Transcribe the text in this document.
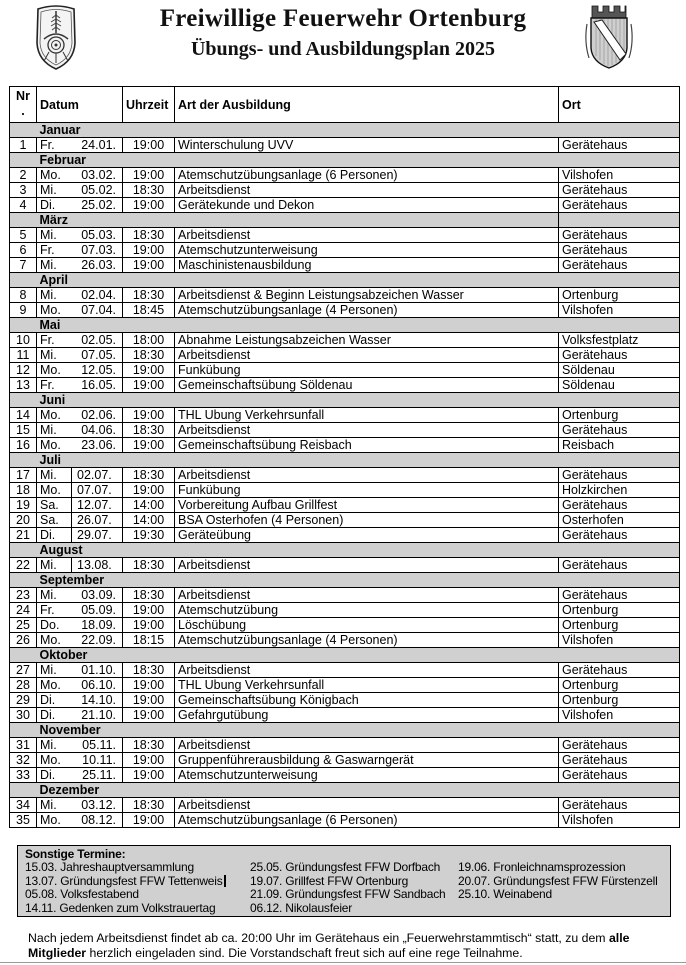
Freiwillige Feuerwehr Ortenburg
Übungs- und Ausbildungsplan 2025
Nr
.	Datum		Uhrzeit	Art der Ausbildung	Ort
	Januar				
1	Fr.	24.01.	19:00	Winterschulung UVV	Gerätehaus
	Februar				
2	Mo.	03.02.	19:00	Atemschutzübungsanlage (6 Personen)	Vilshofen
3	Mi.	05.02.	18:30	Arbeitsdienst	Gerätehaus
4	Di.	25.02.	19:00	Gerätekunde und Dekon	Gerätehaus
	März				
5	Mi.	05.03.	18:30	Arbeitsdienst	Gerätehaus
6	Fr.	07.03.	19:00	Atemschutzunterweisung	Gerätehaus
7	Mi.	26.03.	19:00	Maschinistenausbildung	Gerätehaus
	April				
8	Mi.	02.04.	18:30	Arbeitsdienst & Beginn Leistungsabzeichen Wasser	Ortenburg
9	Mo.	07.04.	18:45	Atemschutzübungsanlage (4 Personen)	Vilshofen
	Mai				
10	Fr.	02.05.	18:00	Abnahme Leistungsabzeichen Wasser	Volksfestplatz
11	Mi.	07.05.	18:30	Arbeitsdienst	Gerätehaus
12	Mo.	12.05.	19:00	Funkübung	Söldenau
13	Fr.	16.05.	19:00	Gemeinschaftsübung Söldenau	Söldenau
	Juni				
14	Mo.	02.06.	19:00	THL Ubung Verkehrsunfall	Ortenburg
15	Mi.	04.06.	18:30	Arbeitsdienst	Gerätehaus
16	Mo.	23.06.	19:00	Gemeinschaftsübung Reisbach	Reisbach
	Juli				
17	Mi.	02.07.	18:30	Arbeitsdienst	Gerätehaus
18	Mo.	07.07.	19:00	Funkübung	Holzkirchen
19	Sa.	12.07.	14:00	Vorbereitung Aufbau Grillfest	Gerätehaus
20	Sa.	26.07.	14:00	BSA Osterhofen (4 Personen)	Osterhofen
21	Di.	29.07.	19:30	Geräteübung	Gerätehaus
	August				
22	Mi.	13.08.	18:30	Arbeitsdienst	Gerätehaus
	September				
23	Mi.	03.09.	18:30	Arbeitsdienst	Gerätehaus
24	Fr.	05.09.	19:00	Atemschutzübung	Ortenburg
25	Do.	18.09.	19:00	Löschübung	Ortenburg
26	Mo.	22.09.	18:15	Atemschutzübungsanlage (4 Personen)	Vilshofen
	Oktober				
27	Mi.	01.10.	18:30	Arbeitsdienst	Gerätehaus
28	Mo.	06.10.	19:00	THL Ubung Verkehrsunfall	Ortenburg
29	Di.	14.10.	19:00	Gemeinschaftsübung Königbach	Ortenburg
30	Di.	21.10.	19:00	Gefahrgutübung	Vilshofen
	November				
31	Mi.	05.11.	18:30	Arbeitsdienst	Gerätehaus
32	Mo.	10.11.	19:00	Gruppenführerausbildung & Gaswarngerät	Gerätehaus
33	Di.	25.11.	19:00	Atemschutzunterweisung	Gerätehaus
	Dezember				
34	Mi.	03.12.	18:30	Arbeitsdienst	Gerätehaus
35	Mo.	08.12.	19:00	Atemschutzübungsanlage (6 Personen)	Vilshofen
Sonstige Termine:
15.03. Jahreshauptversammlung
13.07. Gründungsfest FFW Tettenweis
05.08. Volksfestabend
14.11. Gedenken zum Volkstrauertag
25.05. Gründungsfest FFW Dorfbach
19.07. Grillfest FFW Ortenburg
21.09. Gründungsfest FFW Sandbach
06.12. Nikolausfeier
19.06. Fronleichnamsprozession
20.07. Gründungsfest FFW Fürstenzell
25.10. Weinabend
Nach jedem Arbeitsdienst findet ab ca. 20:00 Uhr im Gerätehaus ein „Feuerwehrstammtisch“ statt, zu dem alle Mitglieder herzlich eingeladen sind. Die Vorstandschaft freut sich auf eine rege Teilnahme.
